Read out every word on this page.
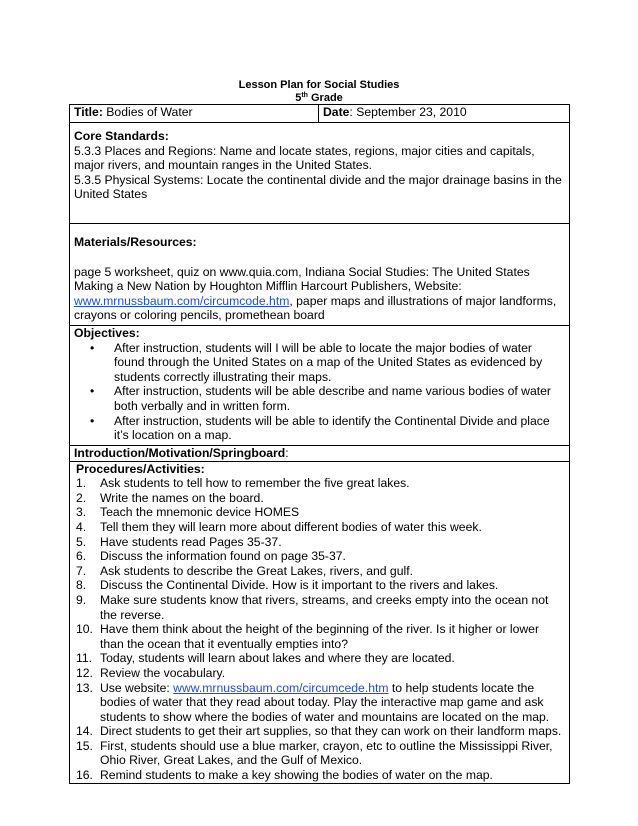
Lesson Plan for Social Studies
5th Grade
Title: Bodies of Water	Date: September 23, 2010

Core Standards:

5.3.3 Places and Regions: Name and locate states, regions, major cities and capitals, major rivers, and mountain ranges in the United States.

5.3.5 Physical Systems: Locate the continental divide and the major drainage basins in the United States

Materials/Resources:

page 5 worksheet, quiz on www.quia.com, Indiana Social Studies: The United States Making a New Nation by Houghton Mifflin Harcourt Publishers, Website: www.mrnussbaum.com/circumcode.htm, paper maps and illustrations of major landforms, crayons or coloring pencils, promethean board

Objectives:

• After instruction, students will I will be able to locate the major bodies of water found through the United States on a map of the United States as evidenced by students correctly illustrating their maps.
• After instruction, students will be able describe and name various bodies of water both verbally and in written form.
• After instruction, students will be able to identify the Continental Divide and place it’s location on a map.

Introduction/Motivation/Springboard:

Procedures/Activities:

1.	Ask students to tell how to remember the five great lakes.
2.	Write the names on the board.
3.	Teach the mnemonic device HOMES
4.	Tell them they will learn more about different bodies of water this week.
5.	Have students read Pages 35-37.
6.	Discuss the information found on page 35-37.
7.	Ask students to describe the Great Lakes, rivers, and gulf.
8.	Discuss the Continental Divide. How is it important to the rivers and lakes.
9.	Make sure students know that rivers, streams, and creeks empty into the ocean not the reverse.
10. Have them think about the height of the beginning of the river. Is it higher or lower than the ocean that it eventually empties into?
11. Today, students will learn about lakes and where they are located.
12. Review the vocabulary.
13. Use website: www.mrnussbaum.com/circumcede.htm to help students locate the bodies of water that they read about today. Play the interactive map game and ask students to show where the bodies of water and mountains are located on the map.
14. Direct students to get their art supplies, so that they can work on their landform maps.
15. First, students should use a blue marker, crayon, etc to outline the Mississippi River, Ohio River, Great Lakes, and the Gulf of Mexico.
16. Remind students to make a key showing the bodies of water on the map.
